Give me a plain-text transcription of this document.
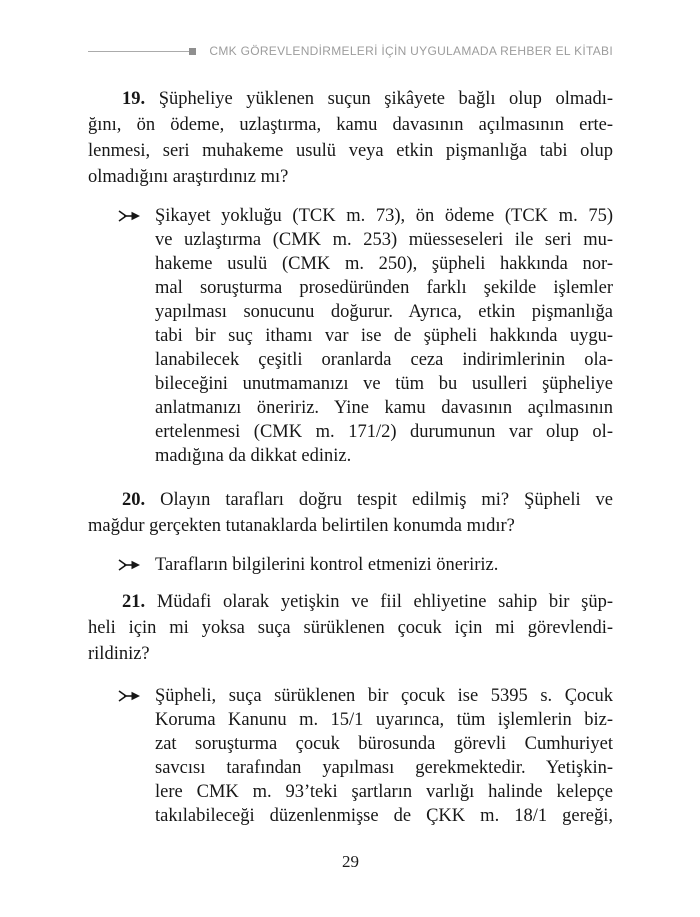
CMK GÖREVLENDİRMELERİ İÇİN UYGULAMADA REHBER EL KİTABI
19. Şüpheliye yüklenen suçun şikâyete bağlı olup olmadı-
ğını, ön ödeme, uzlaştırma, kamu davasının açılmasının erte-
lenmesi, seri muhakeme usulü veya etkin pişmanlığa tabi olup
olmadığını araştırdınız mı?
Şikayet yokluğu (TCK m. 73), ön ödeme (TCK m. 75)
ve uzlaştırma (CMK m. 253) müesseseleri ile seri mu-
hakeme usulü (CMK m. 250), şüpheli hakkında nor-
mal soruşturma prosedüründen farklı şekilde işlemler
yapılması sonucunu doğurur. Ayrıca, etkin pişmanlığa
tabi bir suç ithamı var ise de şüpheli hakkında uygu-
lanabilecek çeşitli oranlarda ceza indirimlerinin ola-
bileceğini unutmamanızı ve tüm bu usulleri şüpheliye
anlatmanızı öneririz. Yine kamu davasının açılmasının
ertelenmesi (CMK m. 171/2) durumunun var olup ol-
madığına da dikkat ediniz.
20. Olayın tarafları doğru tespit edilmiş mi? Şüpheli ve
mağdur gerçekten tutanaklarda belirtilen konumda mıdır?
Tarafların bilgilerini kontrol etmenizi öneririz.
21. Müdafi olarak yetişkin ve fiil ehliyetine sahip bir şüp-
heli için mi yoksa suça sürüklenen çocuk için mi görevlendi-
rildiniz?
Şüpheli, suça sürüklenen bir çocuk ise 5395 s. Çocuk
Koruma Kanunu m. 15/1 uyarınca, tüm işlemlerin biz-
zat soruşturma çocuk bürosunda görevli Cumhuriyet
savcısı tarafından yapılması gerekmektedir. Yetişkin-
lere CMK m. 93’teki şartların varlığı halinde kelepçe
takılabileceği düzenlenmişse de ÇKK m. 18/1 gereği,
29
